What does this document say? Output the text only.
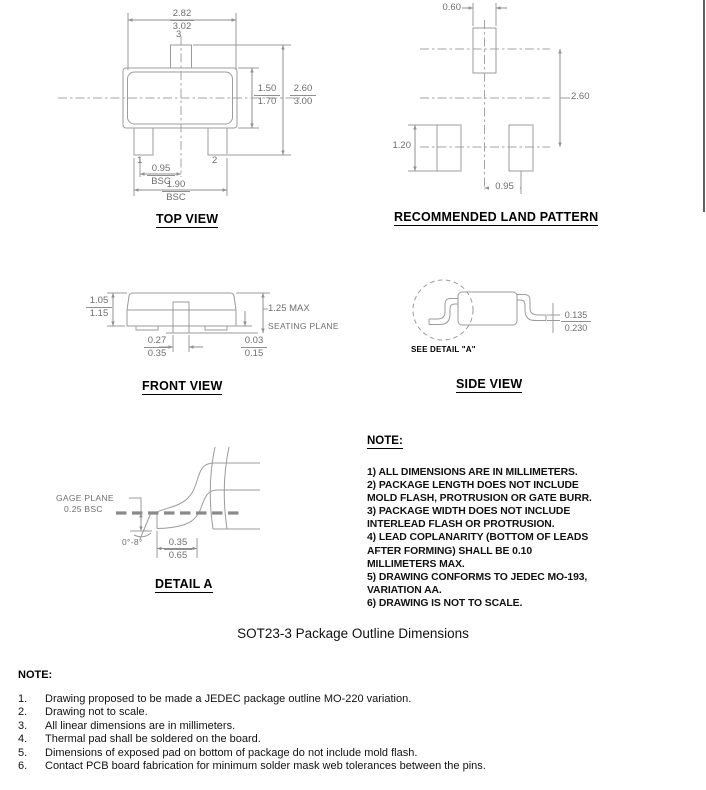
2.82
3.02
3
1.50
1.70
2.60
3.00
1	2
0.95
BSC
1.90
BSC
TOP VIEW
0.60
2.60
1.20
0.95
RECOMMENDED LAND PATTERN
1.05
1.15	1.25 MAX
SEATING PLANE
0.27
0.35
0.03
0.15
FRONT VIEW
0.135
0.230
SEE DETAIL "A"
SIDE VIEW
GAGE PLANE
0.25 BSC
0°-8°	0.35
0.65
DETAIL A
NOTE:
1) ALL DIMENSIONS ARE IN MILLIMETERS.
2) PACKAGE LENGTH DOES NOT INCLUDE
MOLD FLASH, PROTRUSION OR GATE BURR.
3) PACKAGE WIDTH DOES NOT INCLUDE
INTERLEAD FLASH OR PROTRUSION.
4) LEAD COPLANARITY (BOTTOM OF LEADS
AFTER FORMING) SHALL BE 0.10
MILLIMETERS MAX.
5) DRAWING CONFORMS TO JEDEC MO-193,
VARIATION AA.
6) DRAWING IS NOT TO SCALE.
SOT23-3 Package Outline Dimensions
NOTE:
1.	Drawing proposed to be made a JEDEC package outline MO-220 variation.
2.	Drawing not to scale.
3.	All linear dimensions are in millimeters.
4.	Thermal pad shall be soldered on the board.
5.	Dimensions of exposed pad on bottom of package do not include mold flash.
6.	Contact PCB board fabrication for minimum solder mask web tolerances between the pins.
